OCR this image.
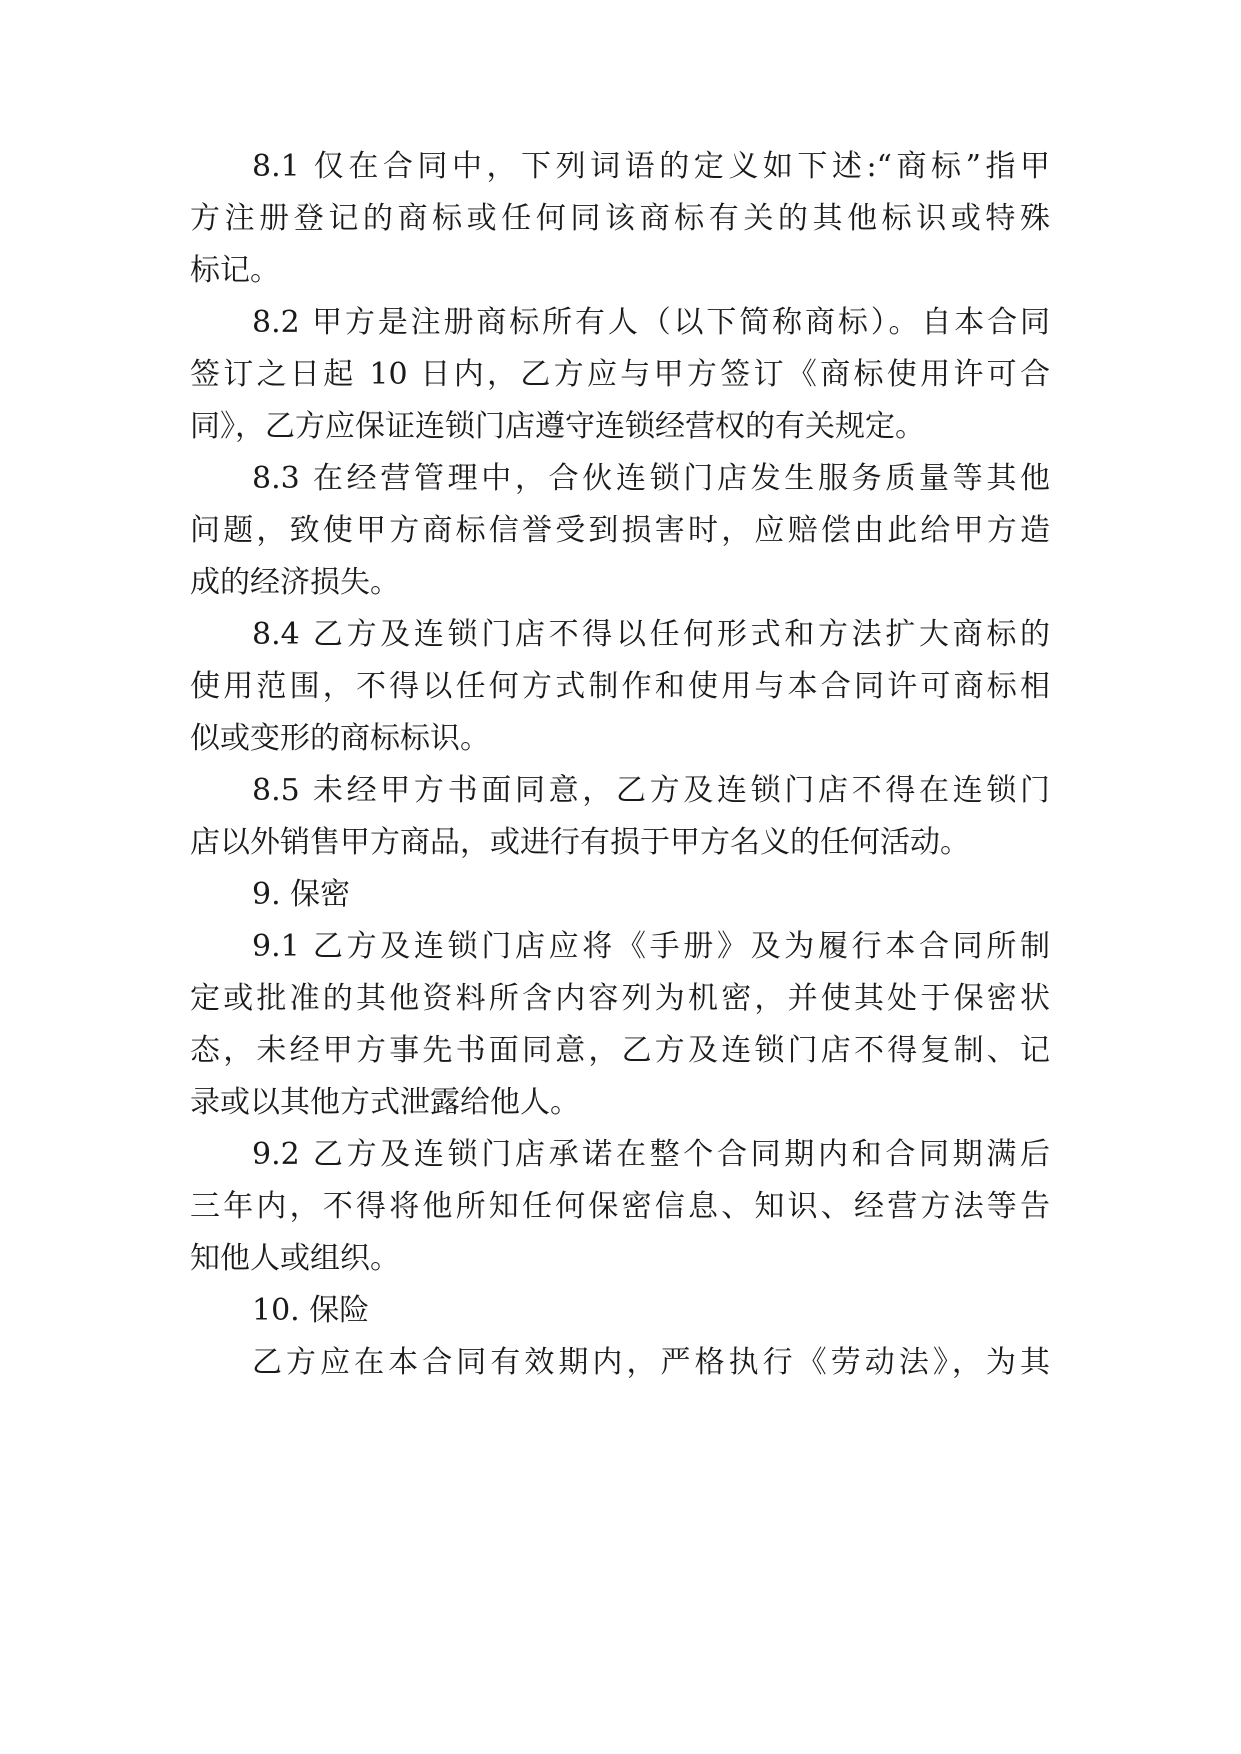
8.1 仅在合同中，下列词语的定义如下述:“商标”指甲
方注册登记的商标或任何同该商标有关的其他标识或特殊
标记。
8.2 甲方是注册商标所有人（以下简称商标）。自本合同
签订之日起 10 日内，乙方应与甲方签订《商标使用许可合
同》，乙方应保证连锁门店遵守连锁经营权的有关规定。
8.3 在经营管理中，合伙连锁门店发生服务质量等其他
问题，致使甲方商标信誉受到损害时，应赔偿由此给甲方造
成的经济损失。
8.4 乙方及连锁门店不得以任何形式和方法扩大商标的
使用范围，不得以任何方式制作和使用与本合同许可商标相
似或变形的商标标识。
8.5 未经甲方书面同意，乙方及连锁门店不得在连锁门
店以外销售甲方商品，或进行有损于甲方名义的任何活动。
9. 保密
9.1 乙方及连锁门店应将《手册》及为履行本合同所制
定或批准的其他资料所含内容列为机密，并使其处于保密状
态，未经甲方事先书面同意，乙方及连锁门店不得复制、记
录或以其他方式泄露给他人。
9.2 乙方及连锁门店承诺在整个合同期内和合同期满后
三年内，不得将他所知任何保密信息、知识、经营方法等告
知他人或组织。
10. 保险
乙方应在本合同有效期内，严格执行《劳动法》，为其
